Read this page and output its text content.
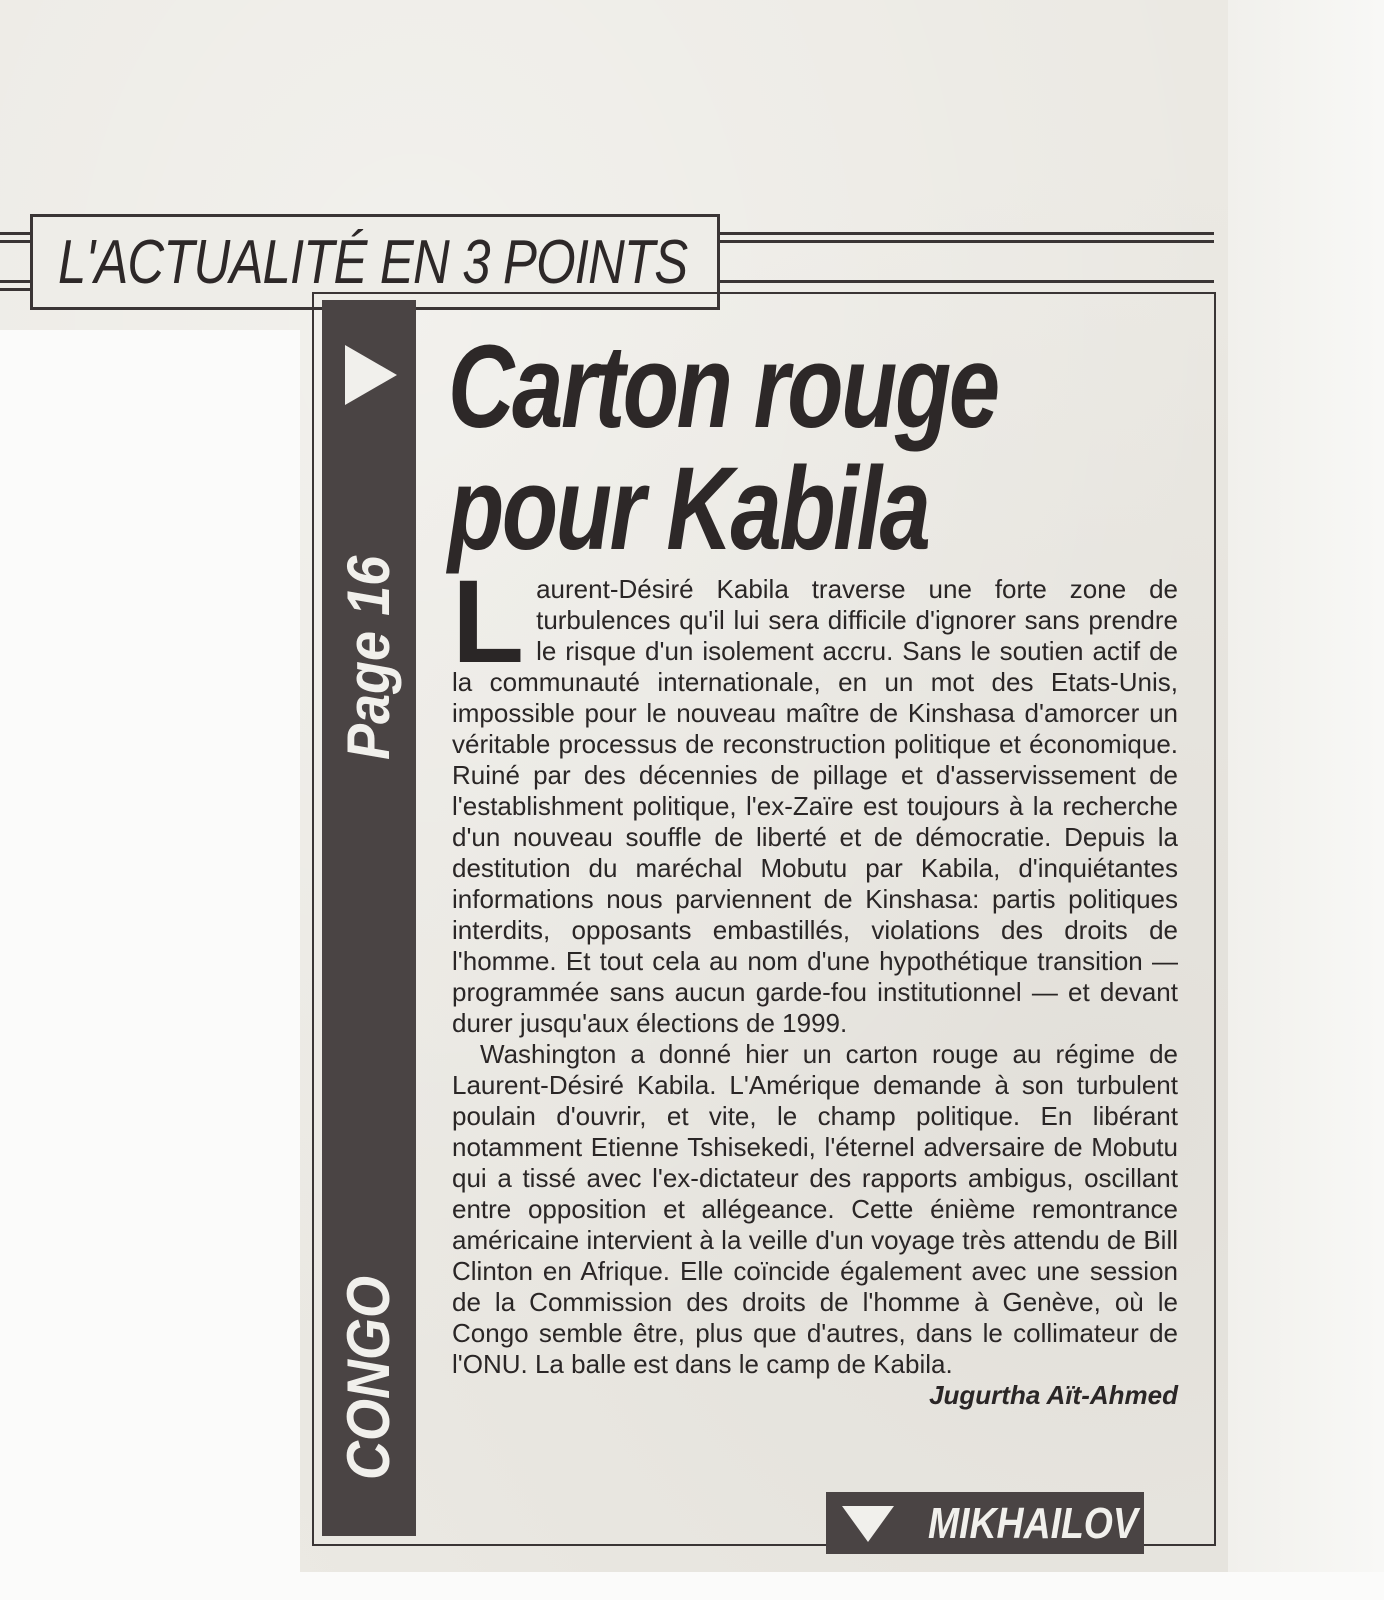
L'ACTUALITÉ EN 3 POINTS
Page 16
CONGO
Carton rouge
pour Kabila

Laurent-Désiré Kabila traverse une forte zone de turbulences qu'il lui sera difficile d'ignorer sans prendre le risque d'un isolement accru. Sans le soutien actif de la communauté internationale, en un mot des Etats-Unis, impossible pour le nouveau maître de Kinshasa d'amorcer un véritable processus de reconstruction politique et économique. Ruiné par des décennies de pillage et d'asservissement de l'establishment politique, l'ex-Zaïre est toujours à la recherche d'un nouveau souffle de liberté et de démocratie. Depuis la destitution du maréchal Mobutu par Kabila, d'inquiétantes informations nous parviennent de Kinshasa: partis politiques interdits, opposants embastillés, violations des droits de l'homme. Et tout cela au nom d'une hypothétique transition — programmée sans aucun garde-fou institutionnel — et devant durer jusqu'aux élections de 1999.

Washington a donné hier un carton rouge au régime de Laurent-Désiré Kabila. L'Amérique demande à son turbulent poulain d'ouvrir, et vite, le champ politique. En libérant notamment Etienne Tshisekedi, l'éternel adversaire de Mobutu qui a tissé avec l'ex-dictateur des rapports ambigus, oscillant entre opposition et allégeance. Cette énième remontrance américaine intervient à la veille d'un voyage très attendu de Bill Clinton en Afrique. Elle coïncide également avec une session de la Commission des droits de l'homme à Genève, où le Congo semble être, plus que d'autres, dans le collimateur de l'ONU. La balle est dans le camp de Kabila.
Jugurtha Aït-Ahmed

MIKHAILOV
